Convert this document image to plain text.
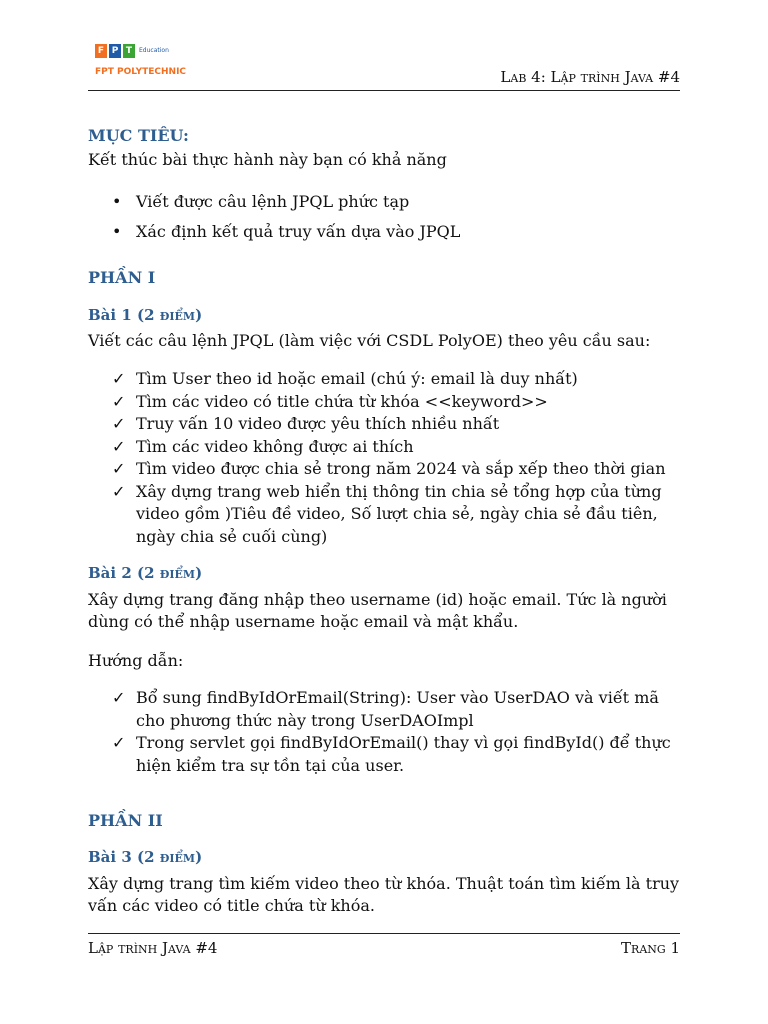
F P T	Education
FPT POLYTECHNIC	Lab 4: Lập trình Java #4
MỤC TIÊU:
Kết thúc bài thực hành này bạn có khả năng
• Viết được câu lệnh JPQL phức tạp
• Xác định kết quả truy vấn dựa vào JPQL
PHẦN I
Bài 1 (2 điểm)
Viết các câu lệnh JPQL (làm việc với CSDL PolyOE) theo yêu cầu sau:
✓ Tìm User theo id hoặc email (chú ý: email là duy nhất)
✓ Tìm các video có title chứa từ khóa <<keyword>>
✓ Truy vấn 10 video được yêu thích nhiều nhất
✓ Tìm các video không được ai thích
✓ Tìm video được chia sẻ trong năm 2024 và sắp xếp theo thời gian
✓ Xây dựng trang web hiển thị thông tin chia sẻ tổng hợp của từng video gồm )Tiêu đề video, Số lượt chia sẻ, ngày chia sẻ đầu tiên, ngày chia sẻ cuối cùng)
Bài 2 (2 điểm)
Xây dựng trang đăng nhập theo username (id) hoặc email. Tức là người dùng có thể nhập username hoặc email và mật khẩu.
Hướng dẫn:
✓ Bổ sung findByIdOrEmail(String): User vào UserDAO và viết mã cho phương thức này trong UserDAOImpl
✓ Trong servlet gọi findByIdOrEmail() thay vì gọi findById() để thực hiện kiểm tra sự tồn tại của user.
PHẦN II
Bài 3 (2 điểm)
Xây dựng trang tìm kiếm video theo từ khóa. Thuật toán tìm kiếm là truy vấn các video có title chứa từ khóa.
Lập trình Java #4	Trang 1
